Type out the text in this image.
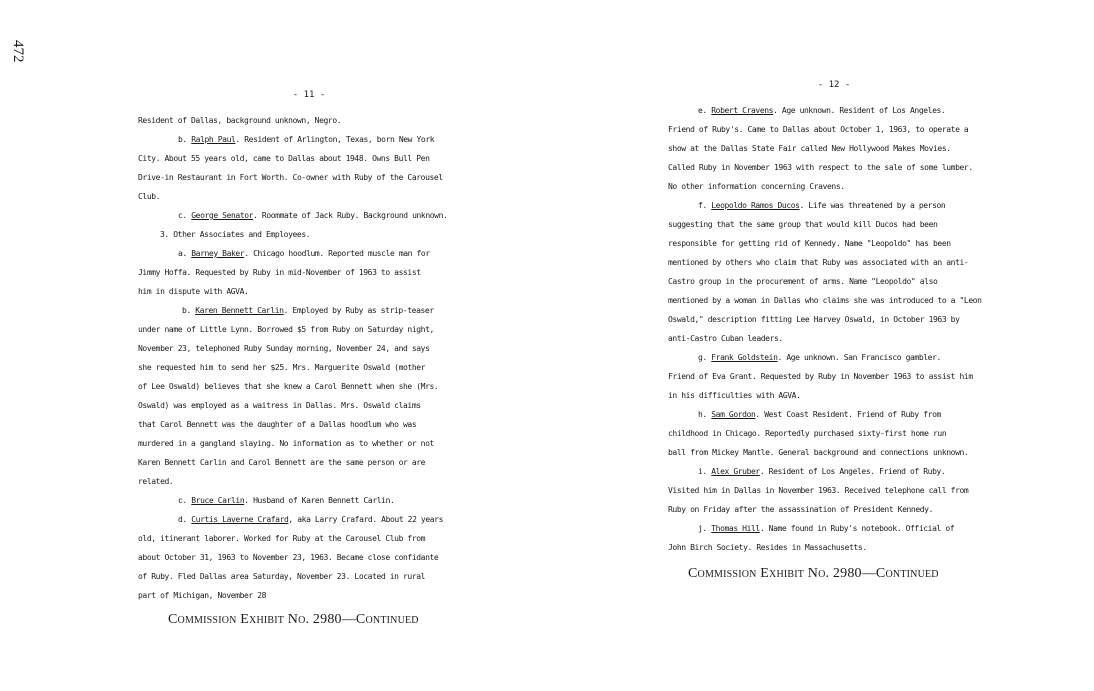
472
- 11 -
Resident of Dallas, background unknown, Negro.
b. Ralph Paul. Resident of Arlington, Texas, born New York
City. About 55 years old, came to Dallas about 1948. Owns Bull Pen
Drive-in Restaurant in Fort Worth. Co-owner with Ruby of the Carousel
Club.
c. George Senator. Roommate of Jack Ruby. Background unknown.
3. Other Associates and Employees.
a. Barney Baker. Chicago hoodlum. Reported muscle man for
Jimmy Hoffa. Requested by Ruby in mid-November of 1963 to assist
him in dispute with AGVA.
b. Karen Bennett Carlin. Employed by Ruby as strip-teaser
under name of Little Lynn. Borrowed $5 from Ruby on Saturday night,
November 23, telephoned Ruby Sunday morning, November 24, and says
she requested him to send her $25. Mrs. Marguerite Oswald (mother
of Lee Oswald) believes that she knew a Carol Bennett when she (Mrs.
Oswald) was employed as a waitress in Dallas. Mrs. Oswald claims
that Carol Bennett was the daughter of a Dallas hoodlum who was
murdered in a gangland slaying. No information as to whether or not
Karen Bennett Carlin and Carol Bennett are the same person or are
related.
c. Bruce Carlin. Husband of Karen Bennett Carlin.
d. Curtis Laverne Crafard, aka Larry Crafard. About 22 years
old, itinerant laborer. Worked for Ruby at the Carousel Club from
about October 31, 1963 to November 23, 1963. Became close confidante
of Ruby. Fled Dallas area Saturday, November 23. Located in rural
part of Michigan, November 28
- 12 -
e. Robert Cravens. Age unknown. Resident of Los Angeles.
Friend of Ruby's. Came to Dallas about October 1, 1963, to operate a
show at the Dallas State Fair called New Hollywood Makes Movies.
Called Ruby in November 1963 with respect to the sale of some lumber.
No other information concerning Cravens.
f. Leopoldo Ramos Ducos. Life was threatened by a person
suggesting that the same group that would kill Ducos had been
responsible for getting rid of Kennedy. Name "Leopoldo" has been
mentioned by others who claim that Ruby was associated with an anti-
Castro group in the procurement of arms. Name "Leopoldo" also
mentioned by a woman in Dallas who claims she was introduced to a "Leon
Oswald," description fitting Lee Harvey Oswald, in October 1963 by
anti-Castro Cuban leaders.
g. Frank Goldstein. Age unknown. San Francisco gambler.
Friend of Eva Grant. Requested by Ruby in November 1963 to assist him
in his difficulties with AGVA.
h. Sam Gordon. West Coast Resident. Friend of Ruby from
childhood in Chicago. Reportedly purchased sixty-first home run
ball from Mickey Mantle. General background and connections unknown.
i. Alex Gruber. Resident of Los Angeles. Friend of Ruby.
Visited him in Dallas in November 1963. Received telephone call from
Ruby on Friday after the assassination of President Kennedy.
j. Thomas Hill. Name found in Ruby's notebook. Official of
John Birch Society. Resides in Massachusetts.
Commission Exhibit No. 2980—Continued
Commission Exhibit No. 2980—Continued
